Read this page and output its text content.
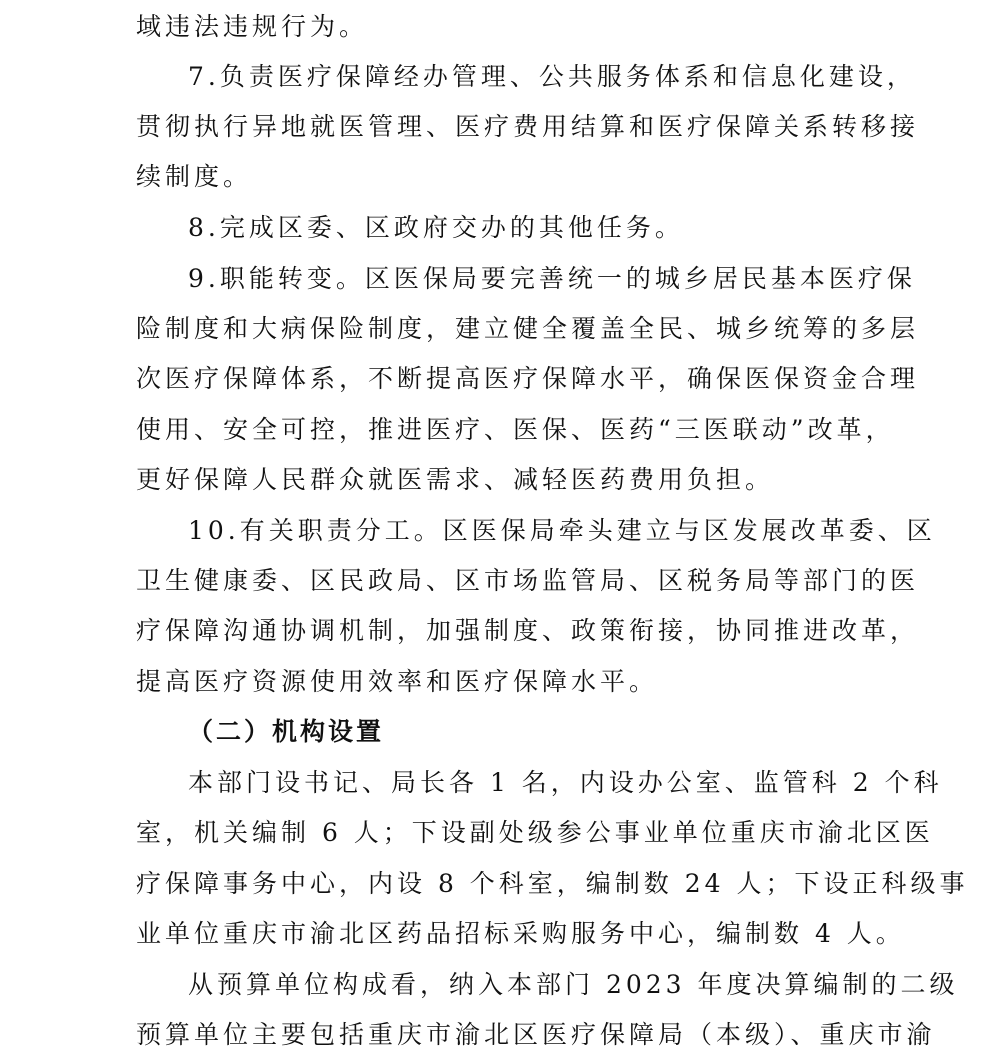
域违法违规行为。
7.负责医疗保障经办管理、公共服务体系和信息化建设，
贯彻执行异地就医管理、医疗费用结算和医疗保障关系转移接
续制度。
8.完成区委、区政府交办的其他任务。
9.职能转变。区医保局要完善统一的城乡居民基本医疗保
险制度和大病保险制度，建立健全覆盖全民、城乡统筹的多层
次医疗保障体系，不断提高医疗保障水平，确保医保资金合理
使用、安全可控，推进医疗、医保、医药“三医联动”改革，
更好保障人民群众就医需求、减轻医药费用负担。
10.有关职责分工。区医保局牵头建立与区发展改革委、区
卫生健康委、区民政局、区市场监管局、区税务局等部门的医
疗保障沟通协调机制，加强制度、政策衔接，协同推进改革，
提高医疗资源使用效率和医疗保障水平。
（二）机构设置
本部门设书记、局长各 1 名，内设办公室、监管科 2 个科
室，机关编制 6 人；下设副处级参公事业单位重庆市渝北区医
疗保障事务中心，内设 8 个科室，编制数 24 人；下设正科级事
业单位重庆市渝北区药品招标采购服务中心，编制数 4 人。
从预算单位构成看，纳入本部门 2023 年度决算编制的二级
预算单位主要包括重庆市渝北区医疗保障局（本级）、重庆市渝
